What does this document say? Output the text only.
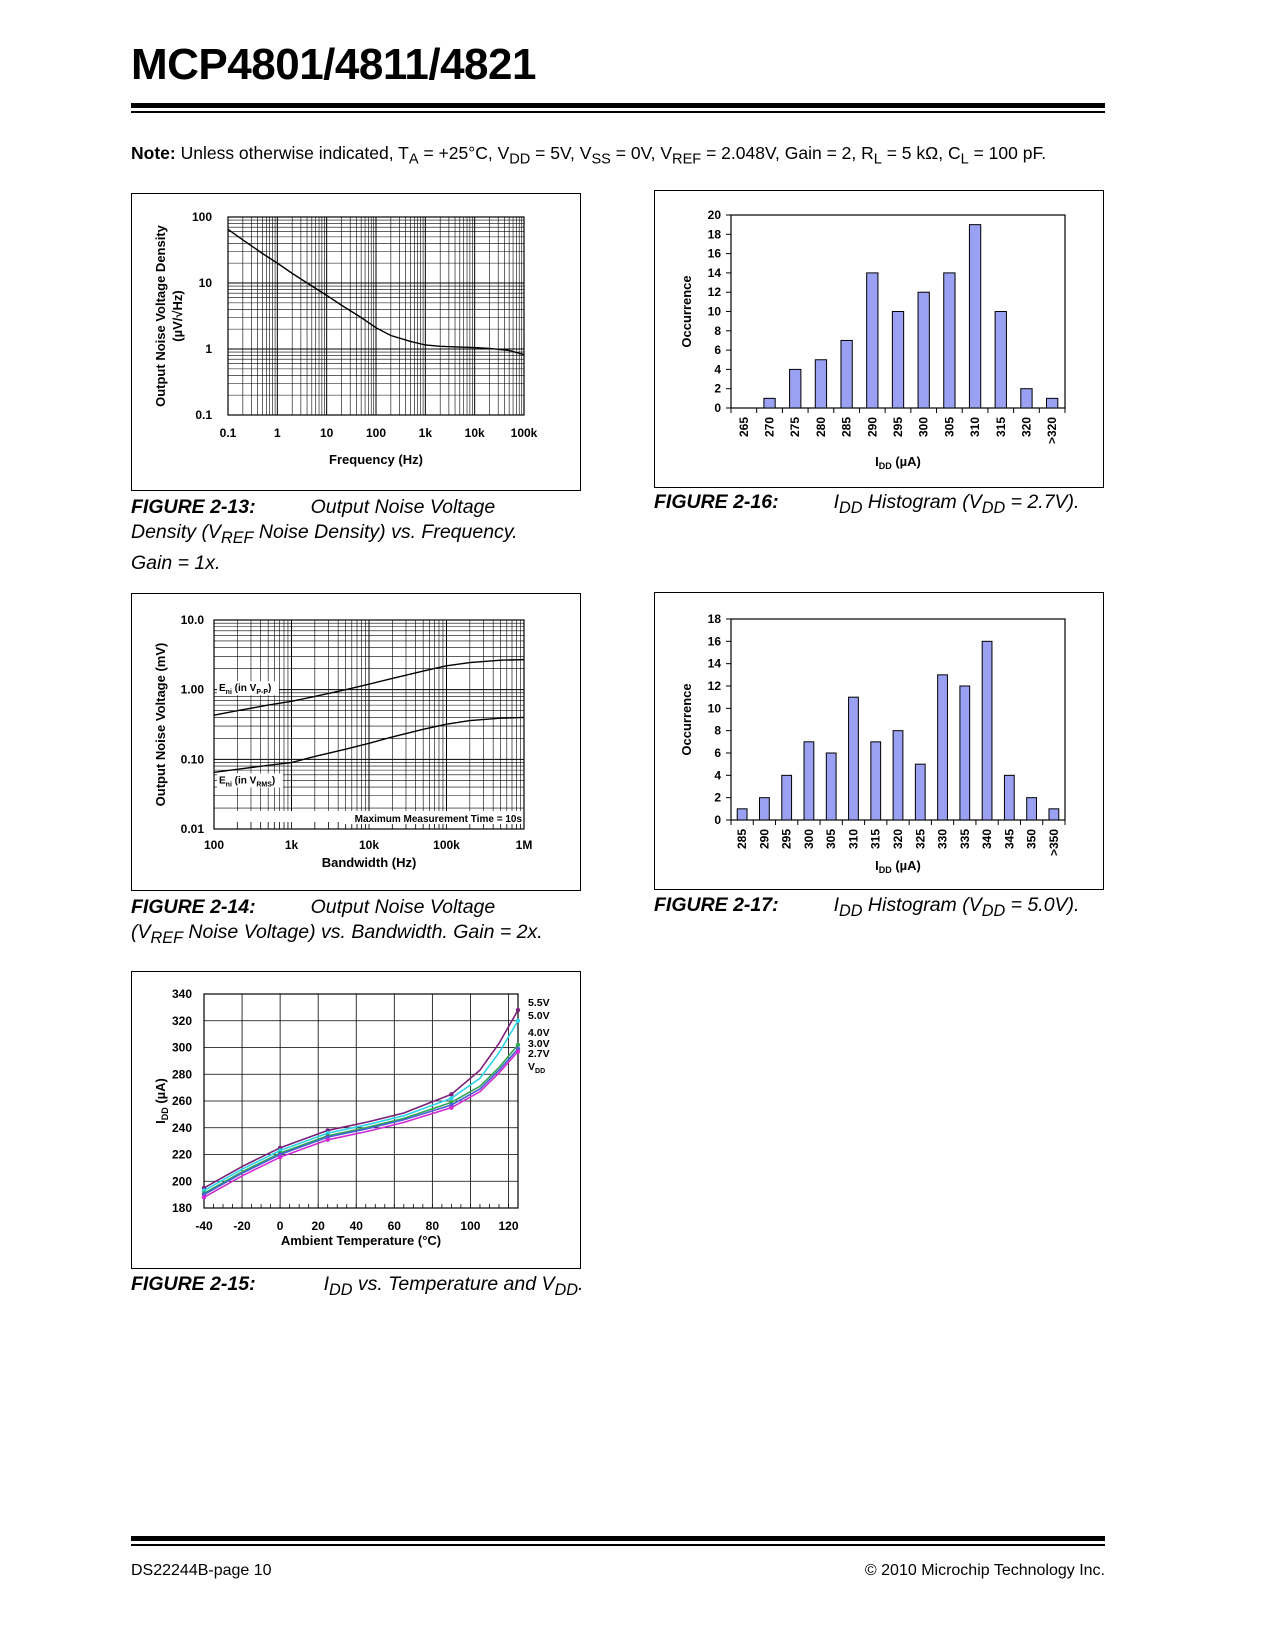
MCP4801/4811/4821
Note: Unless otherwise indicated, $T_A = +25^\circ C$, $V_{DD} = 5V$, $V_{SS} = 0V$, $V_{REF} = 2.048V$, Gain = 2, $R_L = 5$ kΩ, $C_L = 100$ pF.
0.1	1	10	100	1k	10k 100k
0.1
1
10
100
Frequency (Hz)
Output Noise Voltage Density (µV/√Hz)
FIGURE 2-13:	Output Noise Voltage
Density ($V_{REF}$ Noise Density) vs. Frequency.
Gain = 1x.
Maximum Measurement Time = 10s
100	1k	10k	100k	1M
0.01
0.10
1.00
10.0
$E_{ni}$ (in $V_{P-P}$)
$E_{ni}$ (in $V_{RMS}$)
Bandwidth (Hz)
Output Noise Voltage (mV)
FIGURE 2-14:	Output Noise Voltage
($V_{REF}$ Noise Voltage) vs. Bandwidth. Gain = 2x.
-40 -20 0 20 40 60 80 100 120
180
200
220
240
260
280
300
320
340
5.5V
5.0V
4.0V
3.0V
2.7V
$V_{DD}$
Ambient Temperature (°C)
$I_{DD}$ (µA)
FIGURE 2-15:	$I_{DD}$ vs. Temperature and $V_{DD}$.
0
2
4
6
8
10
12
14
16
18
20
265 270 275 280 285 290 295 300 305 310 315 320 >320
$I_{DD}$ (µA)
Occurrence
FIGURE 2-16:	$I_{DD}$ Histogram $(V_{DD} = 2.7V)$.
0
2
4
6
8
10
12
14
16
18
285 290 295 300 305 310 315 320 325 330 335 340 345 350 >350
$I_{DD}$ (µA)
Occurrence
FIGURE 2-17:	$I_{DD}$ Histogram $(V_{DD} = 5.0V)$.
DS22244B-page 10	© 2010 Microchip Technology Inc.
